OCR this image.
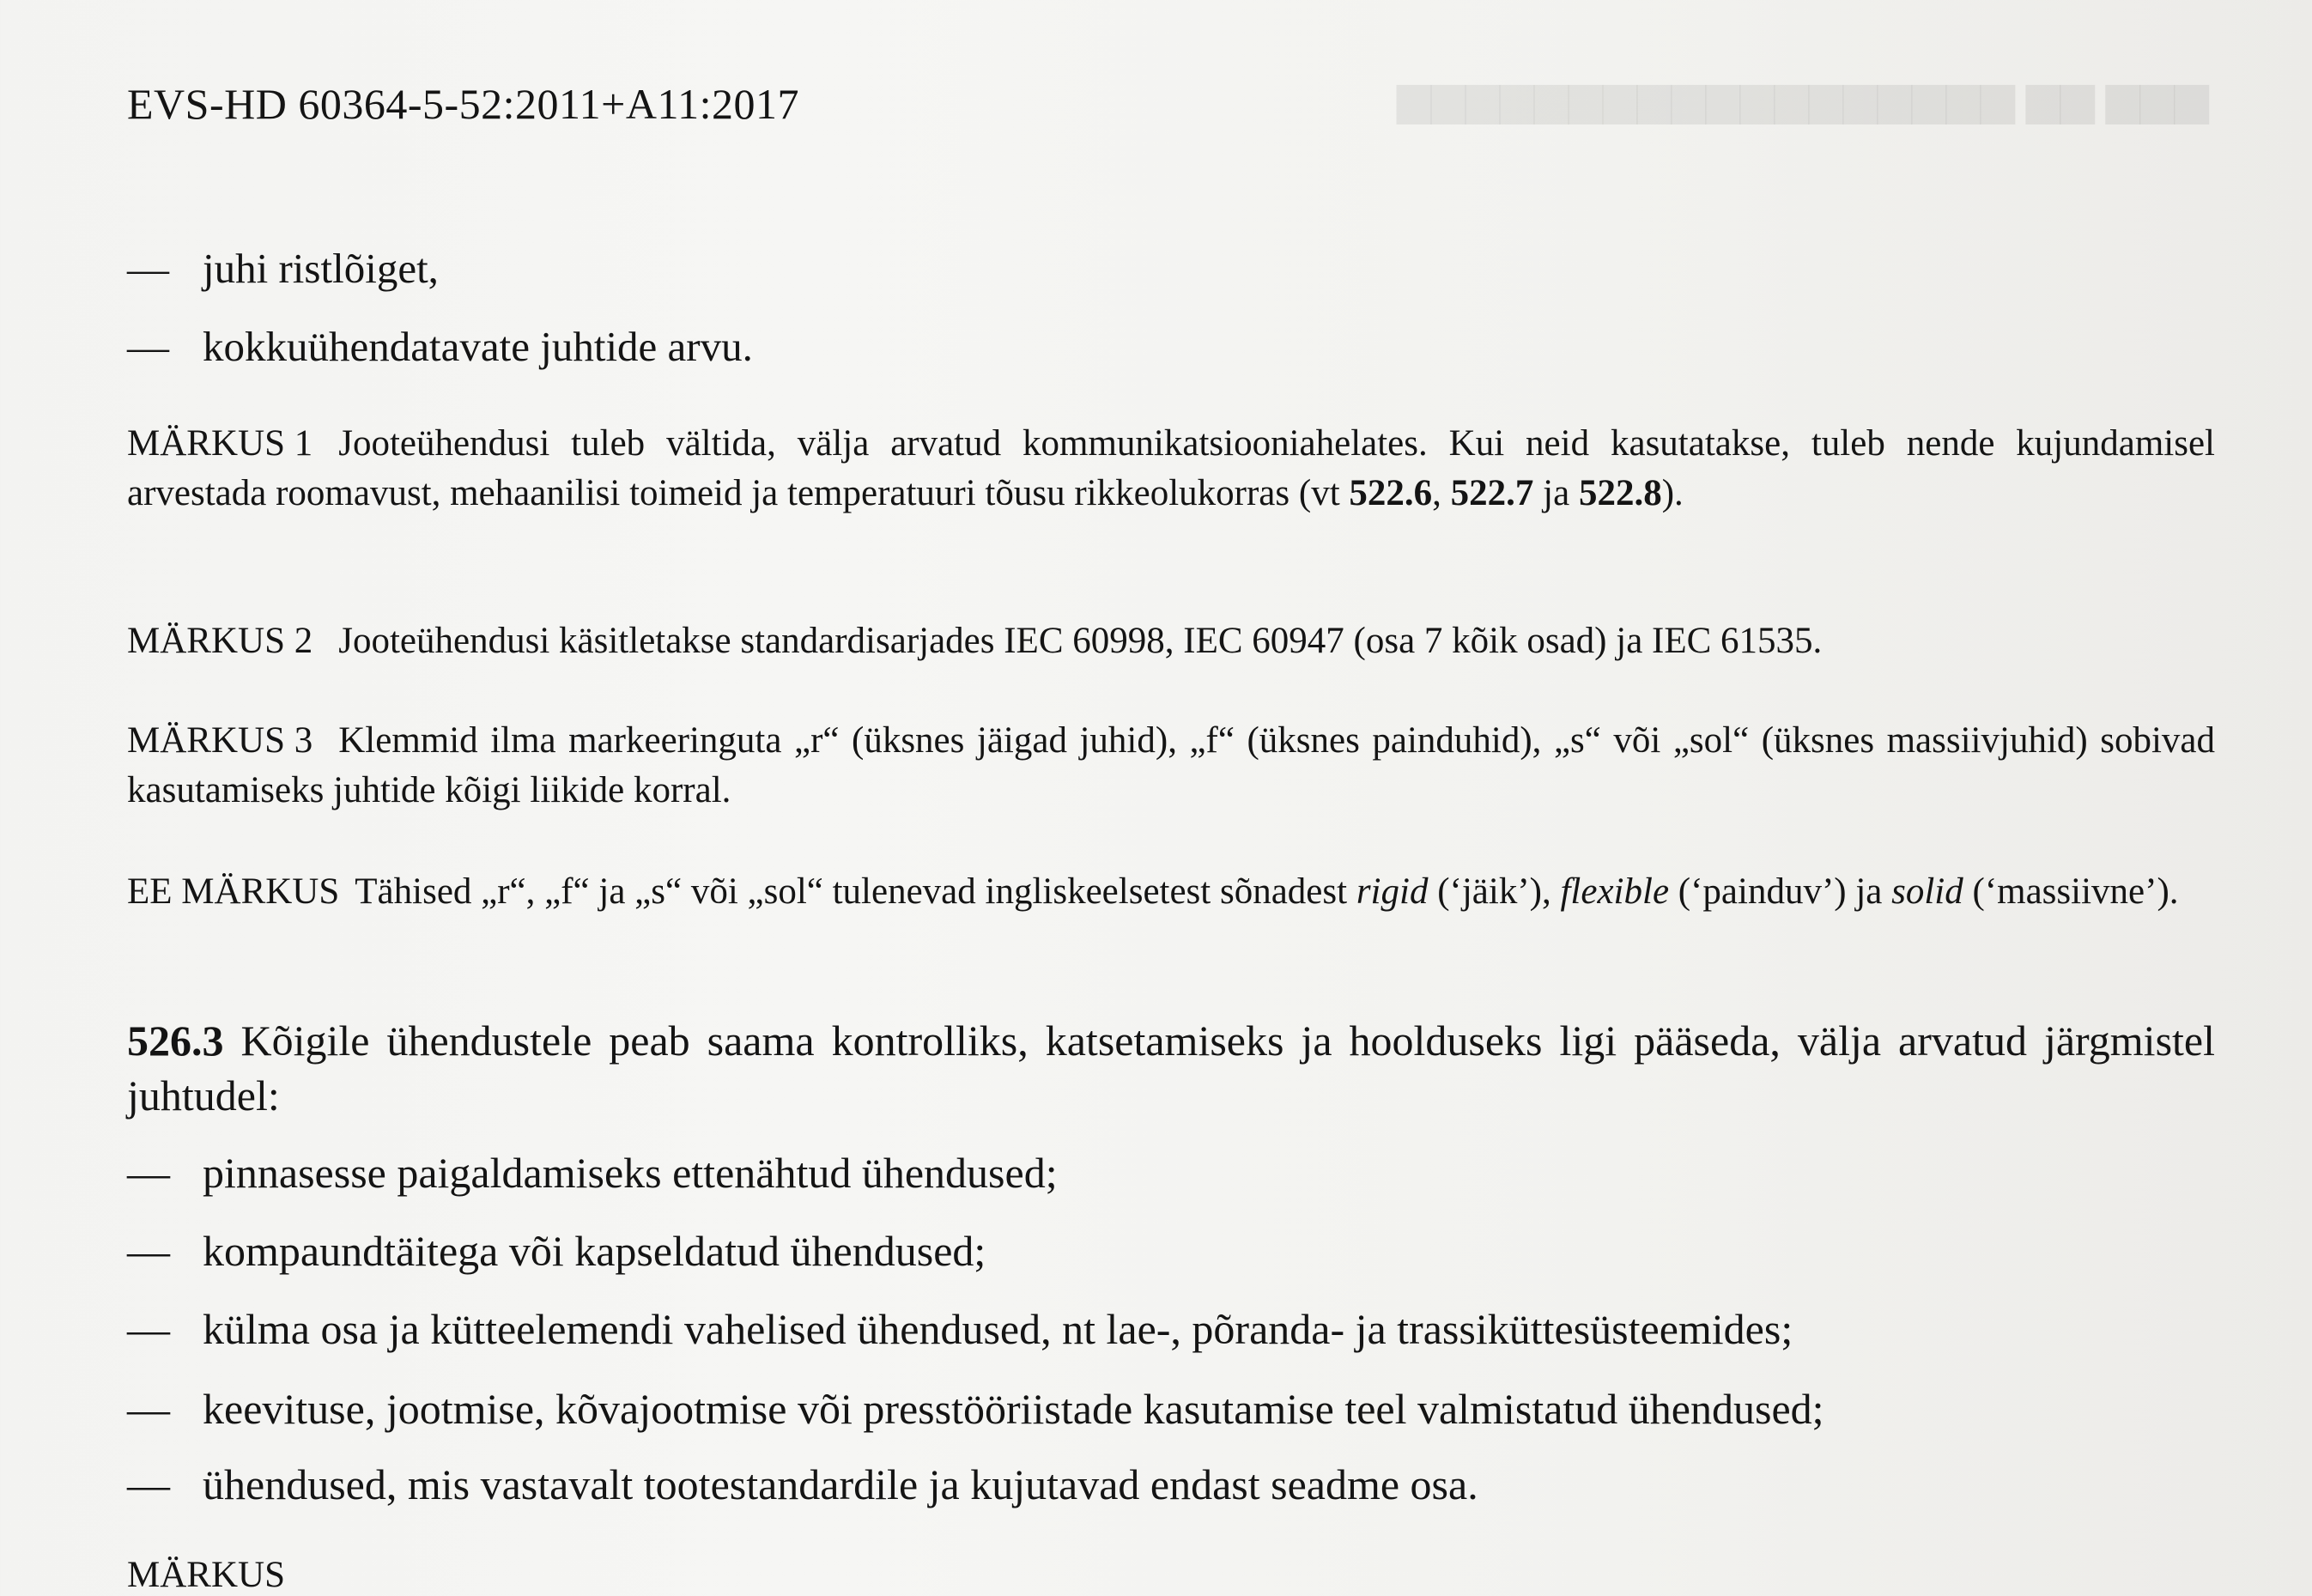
▆▆▆ ▆▆ ▆▆▆▆▆▆▆▆▆▆▆▆▆▆▆▆▆▆
EVS-HD 60364-5-52:2011+A11:2017
— juhi ristlõiget,
— kokkuühendatavate juhtide arvu.
MÄRKUS 1 Jooteühendusi tuleb vältida, välja arvatud kommunikatsiooniahelates. Kui neid kasutatakse, tuleb nende kujundamisel arvestada roomavust, mehaanilisi toimeid ja temperatuuri tõusu rikkeolukorras (vt 522.6, 522.7 ja 522.8).
MÄRKUS 2 Jooteühendusi käsitletakse standardisarjades IEC 60998, IEC 60947 (osa 7 kõik osad) ja IEC 61535.
MÄRKUS 3 Klemmid ilma markeeringuta „r“ (üksnes jäigad juhid), „f“ (üksnes painduhid), „s“ või „sol“ (üksnes massiivjuhid) sobivad kasutamiseks juhtide kõigi liikide korral.
EE MÄRKUS Tähised „r“, „f“ ja „s“ või „sol“ tulenevad ingliskeelsetest sõnadest rigid (‘jäik’), flexible (‘painduv’) ja solid (‘massiivne’).
526.3 Kõigile ühendustele peab saama kontrolliks, katsetamiseks ja hoolduseks ligi pääseda, välja arvatud järgmistel juhtudel:
— pinnasesse paigaldamiseks ettenähtud ühendused;
— kompaundtäitega või kapseldatud ühendused;
— külma osa ja kütteelemendi vahelised ühendused, nt lae-, põranda- ja trassiküttesüsteemides;
— keevituse, jootmise, kõvajootmise või presstööriistade kasutamise teel valmistatud ühendused;
— ühendused, mis vastavalt tootestandardile ja kujutavad endast seadme osa.
MÄRKUS
